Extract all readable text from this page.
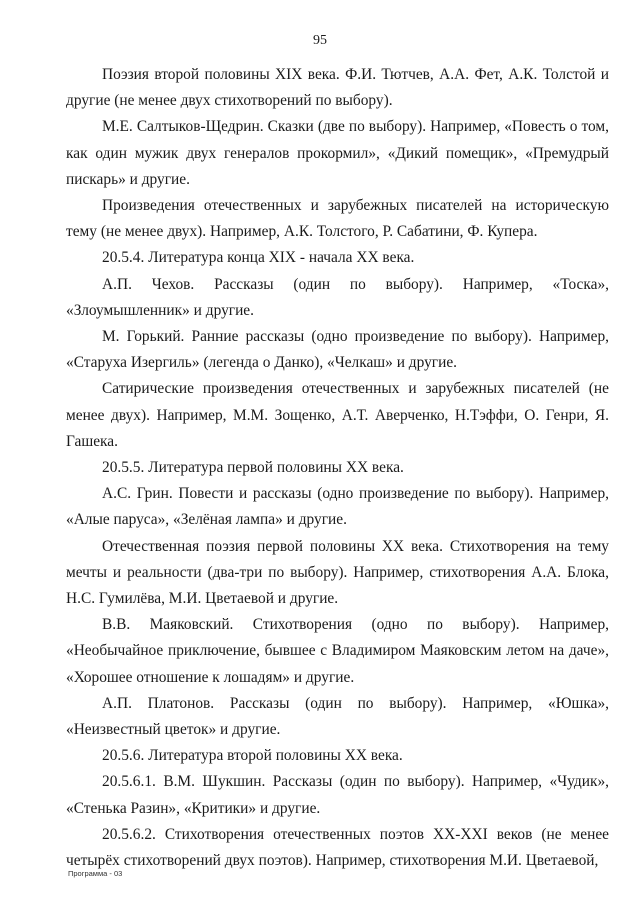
95

Поэзия второй половины XIX века. Ф.И. Тютчев, А.А. Фет, А.К. Толстой и другие (не менее двух стихотворений по выбору).

М.Е. Салтыков-Щедрин. Сказки (две по выбору). Например, «Повесть о том, как один мужик двух генералов прокормил», «Дикий помещик», «Премудрый пискарь» и другие.

Произведения отечественных и зарубежных писателей на историческую тему (не менее двух). Например, А.К. Толстого, Р. Сабатини, Ф. Купера.

20.5.4. Литература конца XIX - начала XX века.

А.П. Чехов. Рассказы (один по выбору). Например, «Тоска», «Злоумышленник» и другие.

М. Горький. Ранние рассказы (одно произведение по выбору). Например, «Старуха Изергиль» (легенда о Данко), «Челкаш» и другие.

Сатирические произведения отечественных и зарубежных писателей (не менее двух). Например, М.М. Зощенко, А.Т. Аверченко, Н.Тэффи, О. Генри, Я. Гашека.

20.5.5. Литература первой половины XX века.

А.С. Грин. Повести и рассказы (одно произведение по выбору). Например, «Алые паруса», «Зелёная лампа» и другие.

Отечественная поэзия первой половины XX века. Стихотворения на тему мечты и реальности (два-три по выбору). Например, стихотворения А.А. Блока, Н.С. Гумилёва, М.И. Цветаевой и другие.

В.В. Маяковский. Стихотворения (одно по выбору). Например, «Необычайное приключение, бывшее с Владимиром Маяковским летом на даче», «Хорошее отношение к лошадям» и другие.

А.П. Платонов. Рассказы (один по выбору). Например, «Юшка», «Неизвестный цветок» и другие.

20.5.6. Литература второй половины XX века.

20.5.6.1. В.М. Шукшин. Рассказы (один по выбору). Например, «Чудик», «Стенька Разин», «Критики» и другие.

20.5.6.2. Стихотворения отечественных поэтов XX-XXI веков (не менее четырёх стихотворений двух поэтов). Например, стихотворения М.И. Цветаевой,

Программа - 03
